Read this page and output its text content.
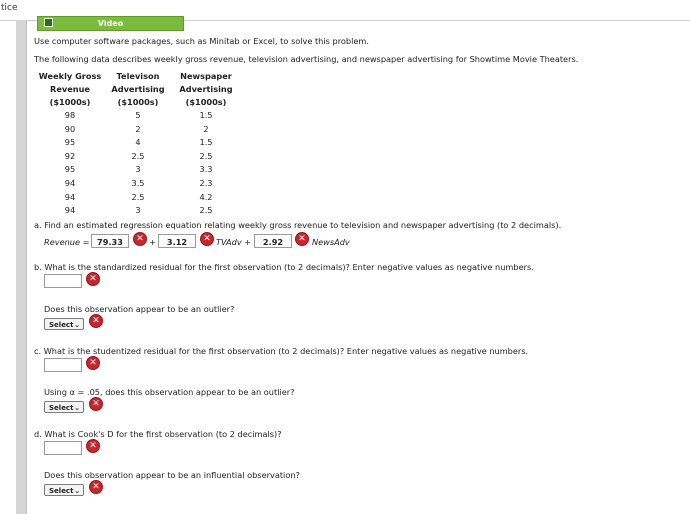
tice
Video
Use computer software packages, such as Minitab or Excel, to solve this problem.
The following data describes weekly gross revenue, television advertising, and newspaper advertising for Showtime Movie Theaters.
Weekly Gross	Televison	Newspaper
Revenue	Advertising	Advertising
($1000s)	($1000s)	($1000s)
98	5	1.5
90	2	2
95	4	1.5
92	2.5	2.5
95	3	3.3
94	3.5	2.3
94	2.5	4.2
94	3	2.5
a. Find an estimated regression equation relating weekly gross revenue to television and newspaper advertising (to 2 decimals).
Revenue = 79.33	✕ +	3.12	✕ TVAdv +	2.92	✕ NewsAdv
b. What is the standardized residual for the first observation (to 2 decimals)? Enter negative values as negative numbers.
✕
Does this observation appear to be an outlier?
Select ⌄	✕
c. What is the studentized residual for the first observation (to 2 decimals)? Enter negative values as negative numbers.
✕
Using α = .05, does this observation appear to be an outlier?
Select ⌄	✕
d. What is Cook's D for the first observation (to 2 decimals)?
✕
Does this observation appear to be an influential observation?
Select ⌄	✕
